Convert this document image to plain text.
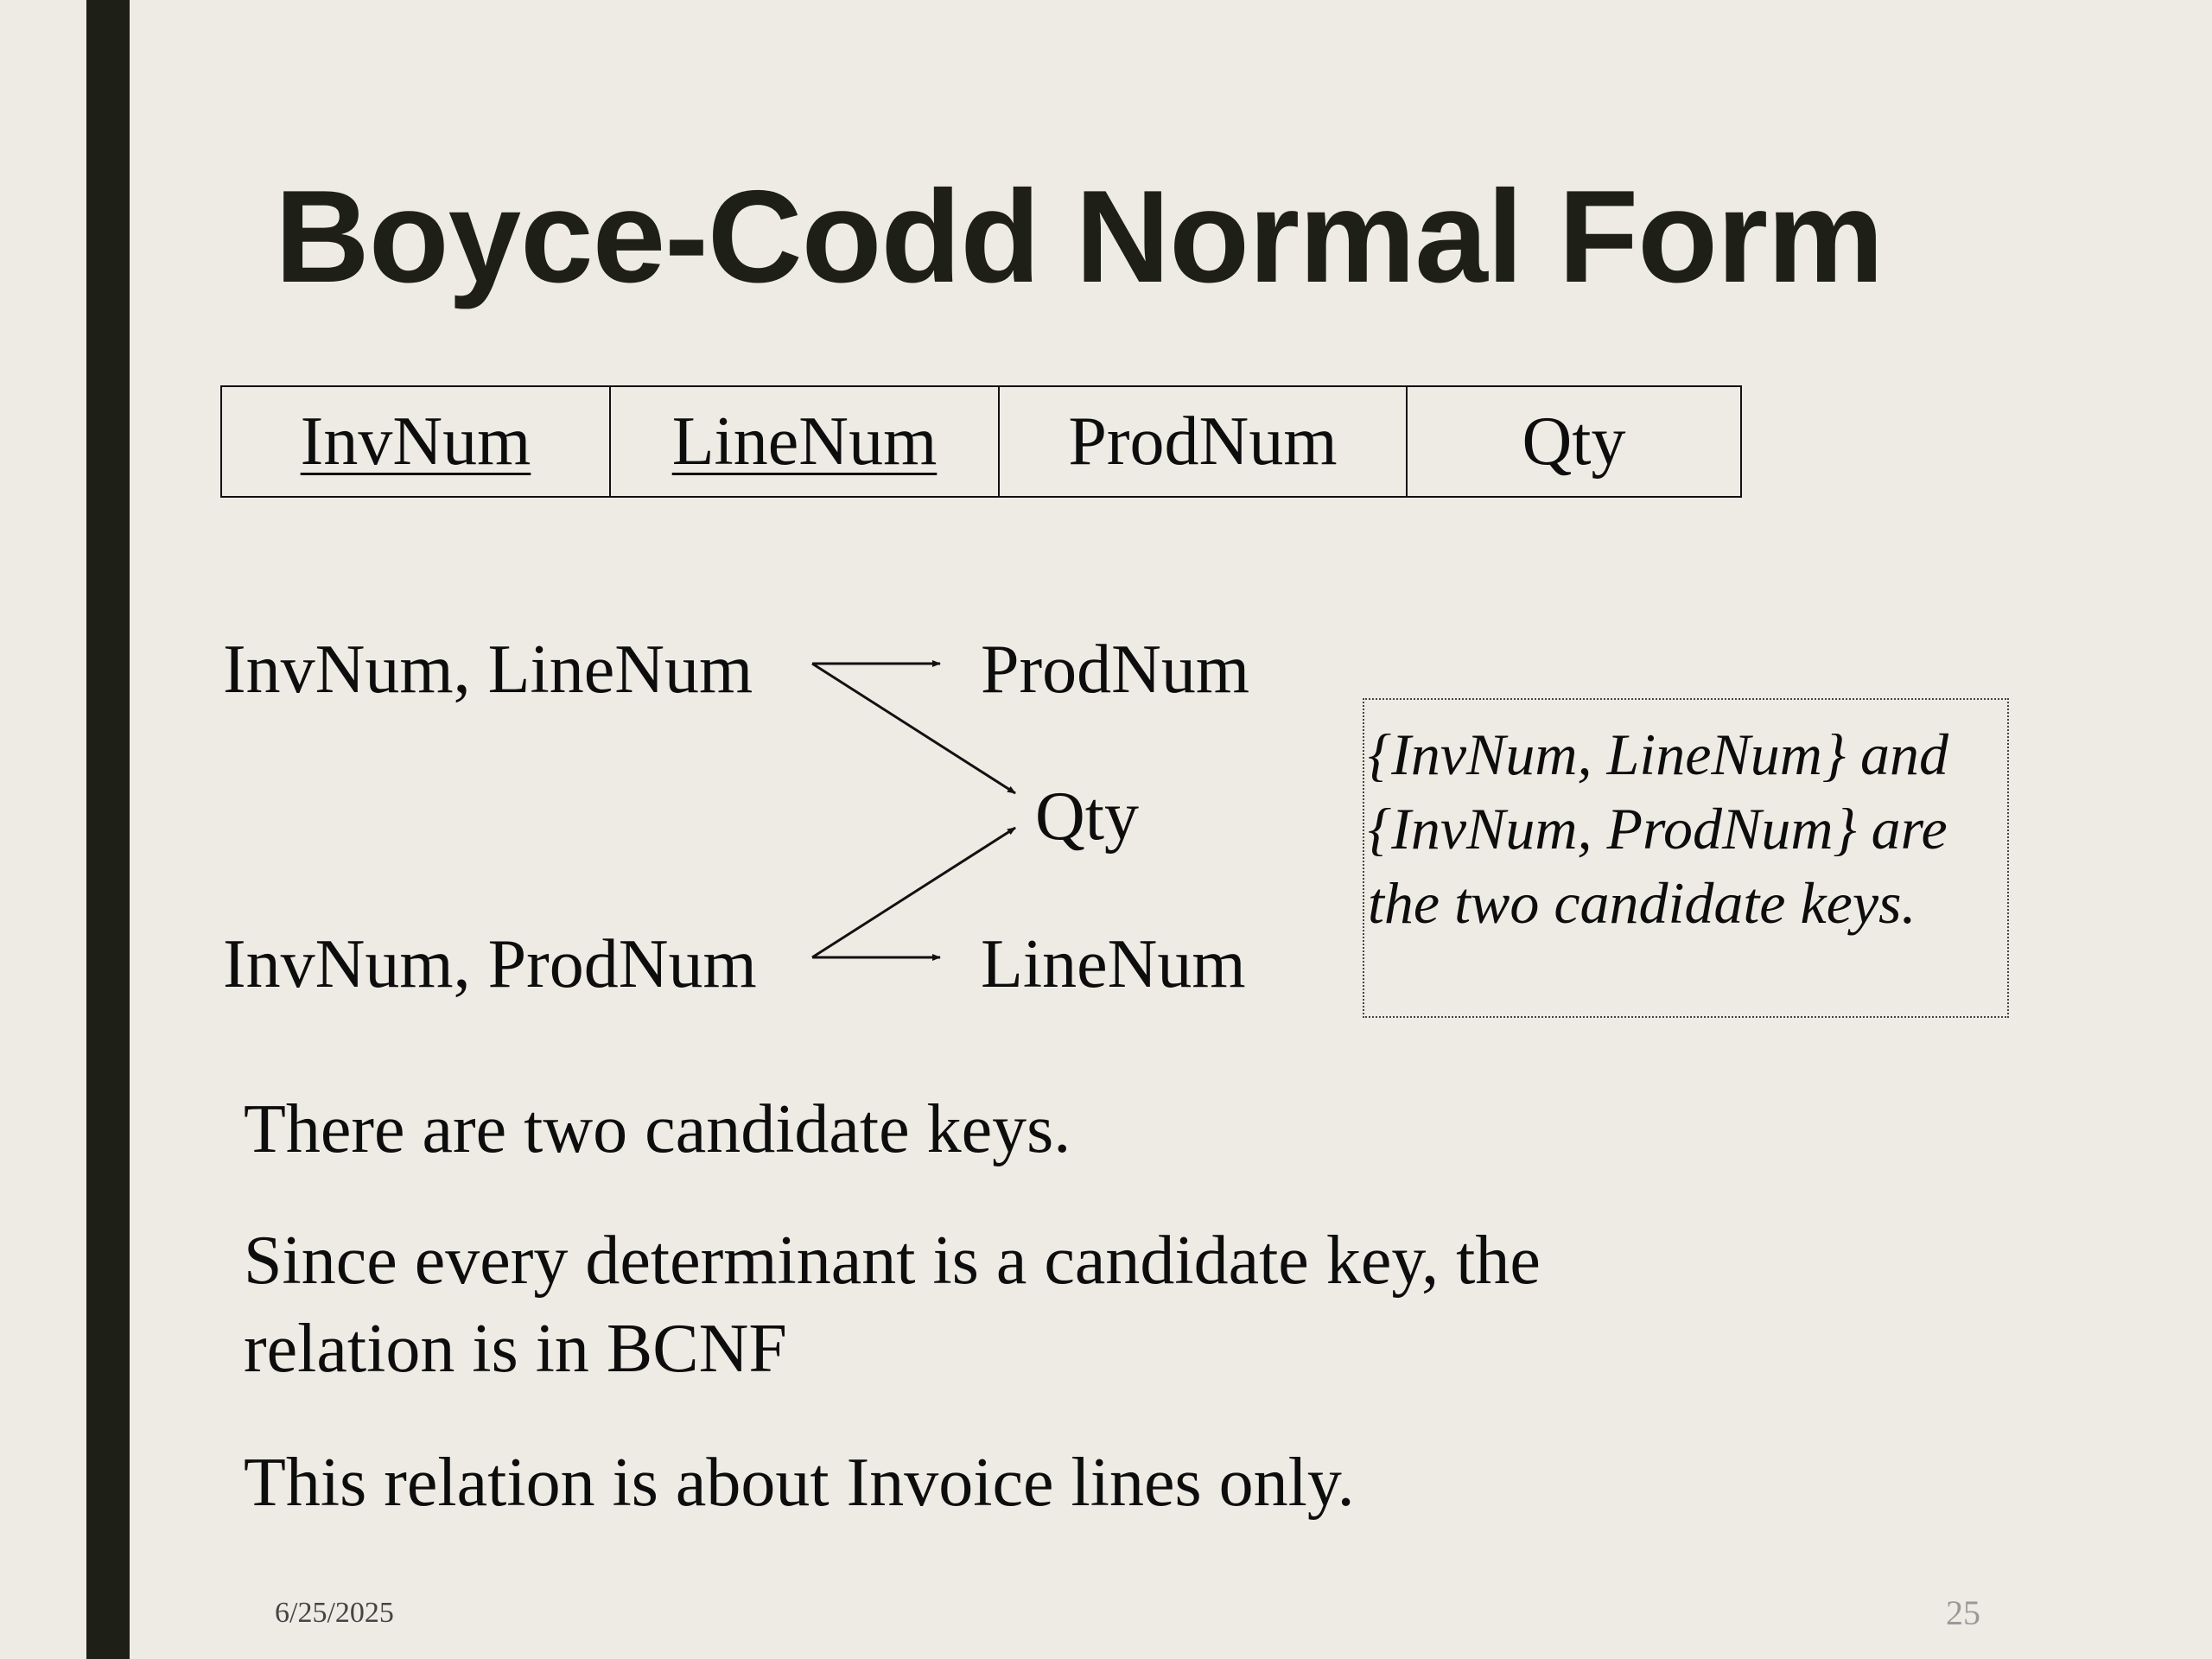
Boyce-Codd Normal Form
InvNum	LineNum	ProdNum	Qty
InvNum, LineNum	ProdNum
Qty
InvNum, ProdNum	LineNum
{InvNum, LineNum} and
{InvNum, ProdNum} are
the two candidate keys.
There are two candidate keys.
Since every determinant is a candidate key, the
relation is in BCNF
This relation is about Invoice lines only.
6/25/2025	25
